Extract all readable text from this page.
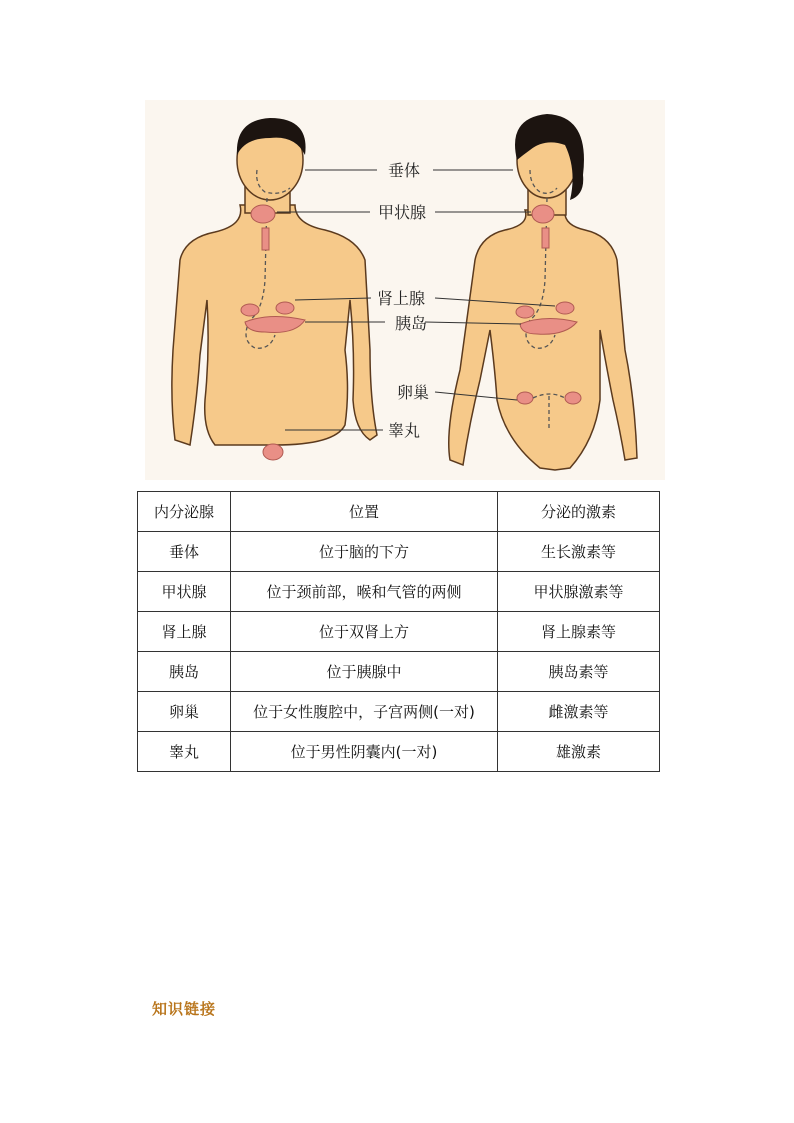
垂体
甲状腺
肾上腺
胰岛
卵巢
睾丸
内分泌腺	位置	分泌的激素
垂体	位于脑的下方	生长激素等
甲状腺	位于颈前部，喉和气管的两侧	甲状腺激素等
肾上腺	位于双肾上方	肾上腺素等
胰岛	位于胰腺中	胰岛素等
卵巢	位于女性腹腔中，子宫两侧(一对)	雌激素等
睾丸	位于男性阴囊内(一对)	雄激素
知识链接
